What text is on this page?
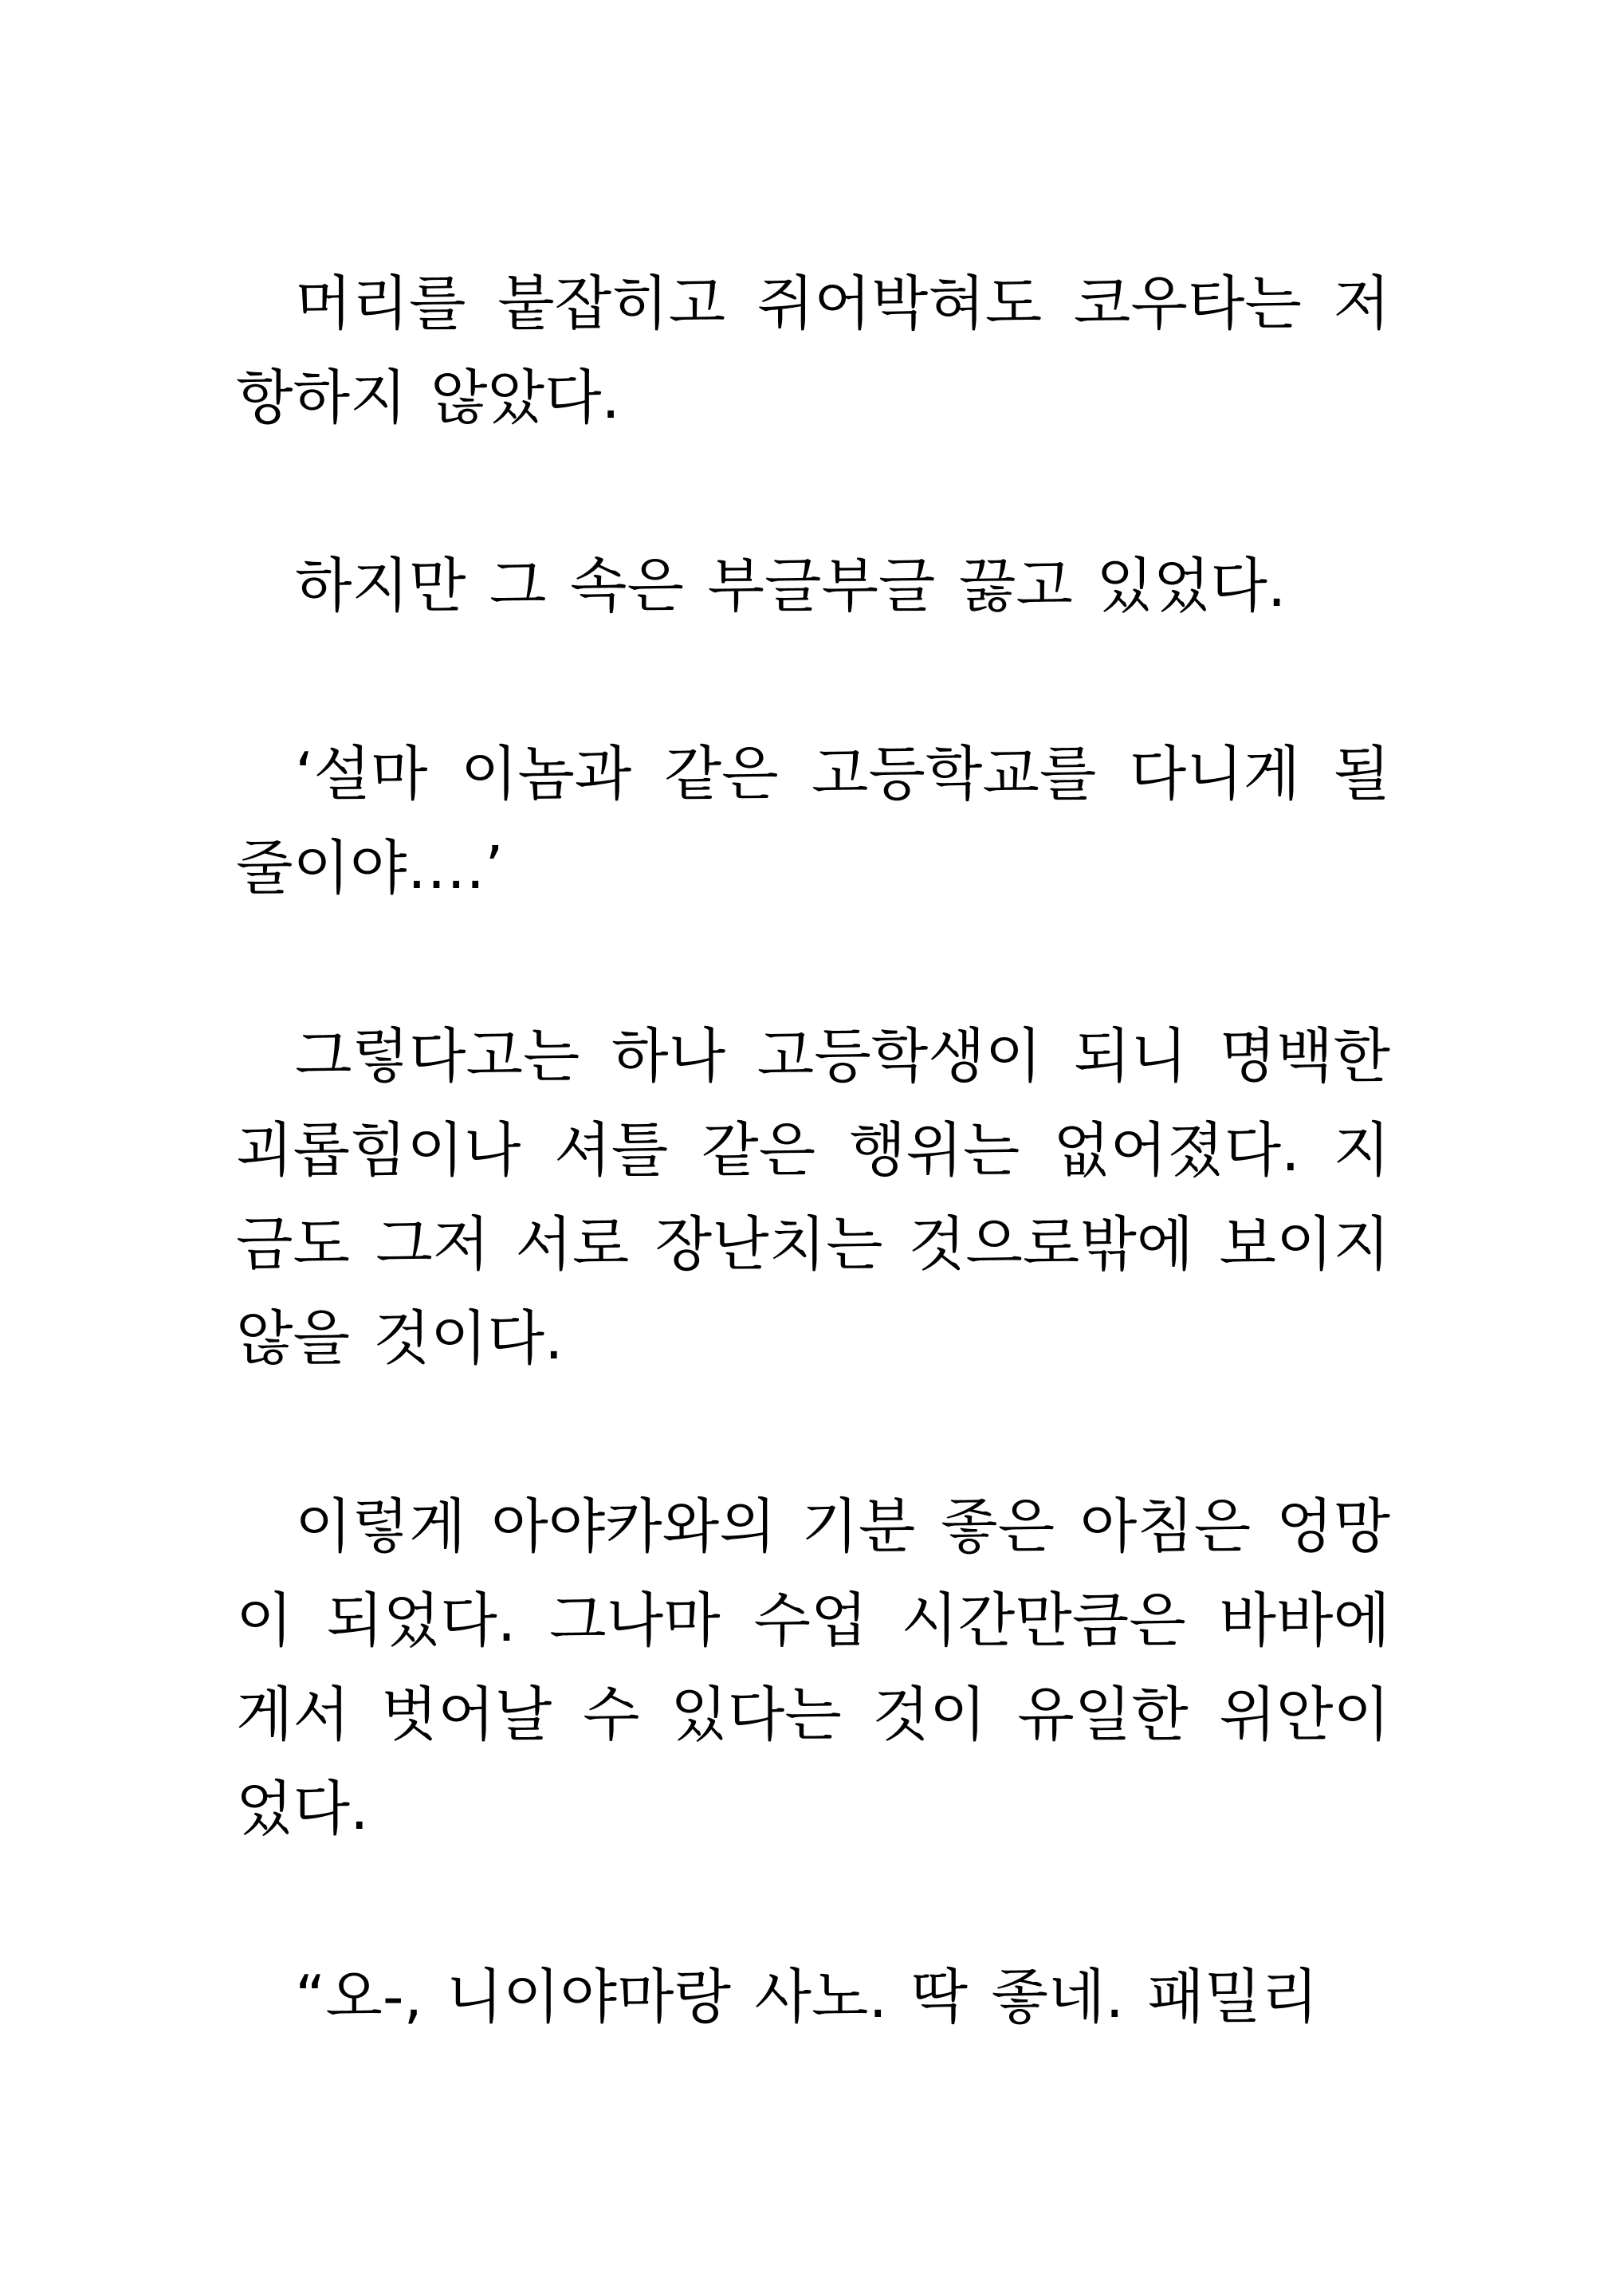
머리를 붙잡히고 쥐어박혀도 코우타는 저항하지 않았다.

하지만 그 속은 부글부글 끓고 있었다.

‘설마 이놈과 같은 고등학교를 다니게 될 줄이야….’

그렇다고는 하나 고등학생이 되니 명백한 괴롭힘이나 셔틀 같은 행위는 없어졌다. 지금도 그저 서로 장난치는 것으로밖에 보이지 않을 것이다.

이렇게 아야카와의 기분 좋은 아침은 엉망이 되었다. 그나마 수업 시간만큼은 바바에게서 벗어날 수 있다는 것이 유일한 위안이었다.

“오-, 니이야마랑 사노. 딱 좋네. 패밀리
